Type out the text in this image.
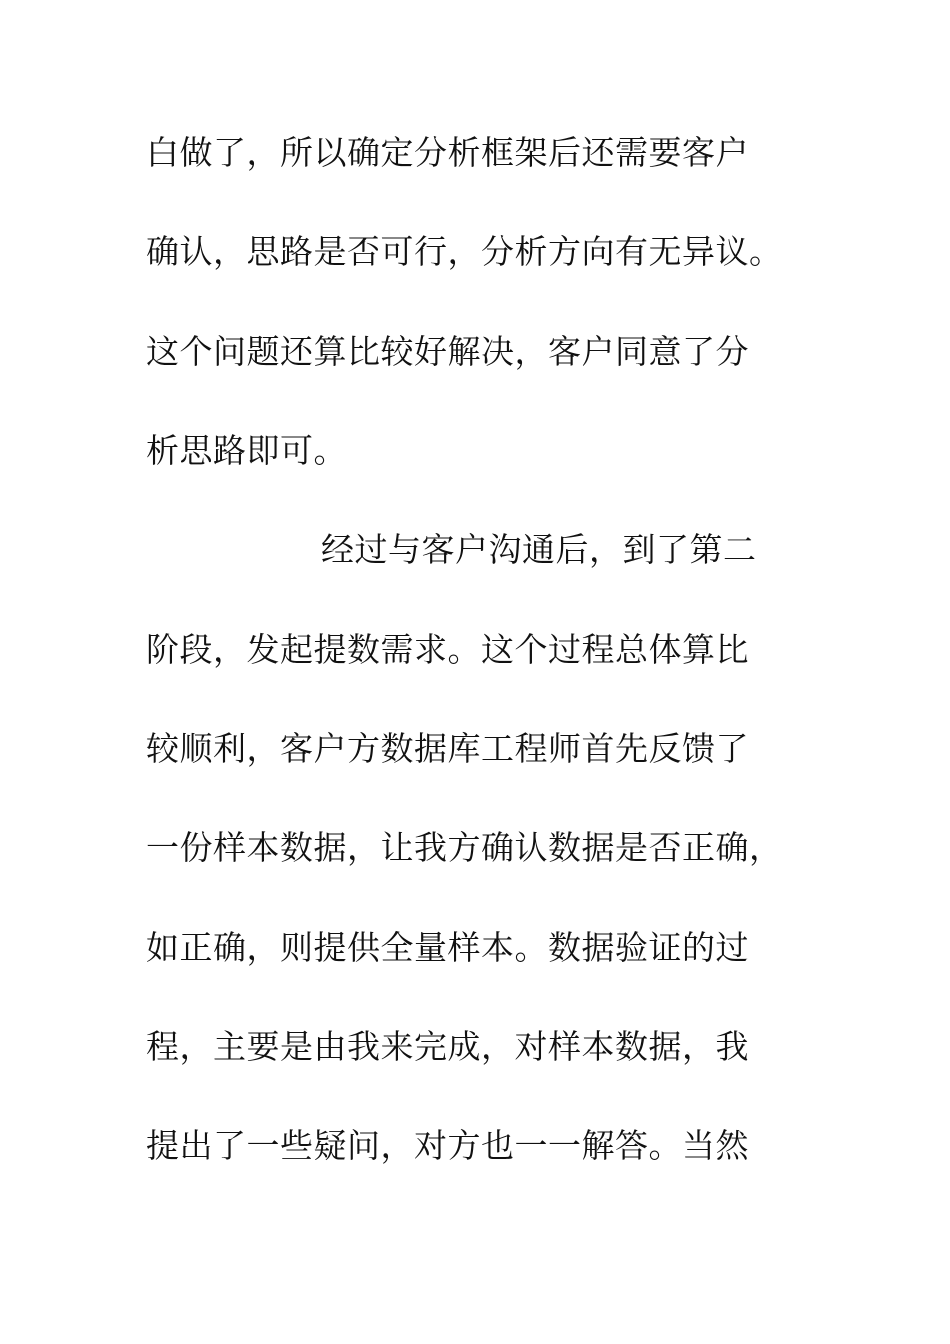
白做了，所以确定分析框架后还需要客户
确认，思路是否可行，分析方向有无异议。
这个问题还算比较好解决，客户同意了分
析思路即可。
经过与客户沟通后，到了第二
阶段，发起提数需求。这个过程总体算比
较顺利，客户方数据库工程师首先反馈了
一份样本数据，让我方确认数据是否正确，
如正确，则提供全量样本。数据验证的过
程，主要是由我来完成，对样本数据，我
提出了一些疑问，对方也一一解答。当然
